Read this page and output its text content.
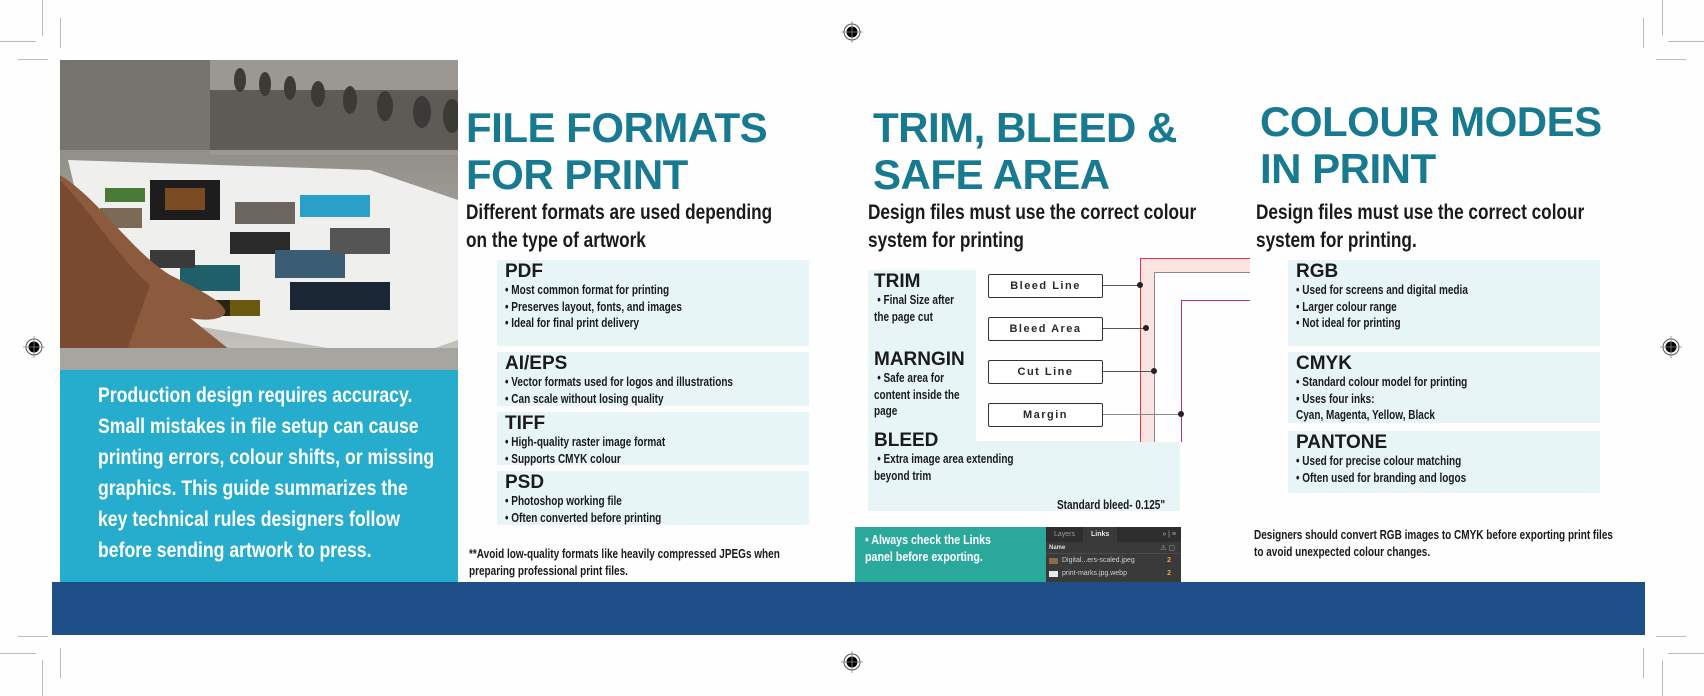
Production design requires accuracy.
Small mistakes in file setup can cause
printing errors, colour shifts, or missing
graphics. This guide summarizes the
key technical rules designers follow
before sending artwork to press.
FILE FORMATS
FOR PRINT
Different formats are used depending
on the type of artwork
PDF
• Most common format for printing
• Preserves layout, fonts, and images
• Ideal for final print delivery
AI/EPS
• Vector formats used for logos and illustrations
• Can scale without losing quality
TIFF
• High-quality raster image format
• Supports CMYK colour
PSD
• Photoshop working file
• Often converted before printing
**Avoid low-quality formats like heavily compressed JPEGs when
preparing professional print files.
TRIM, BLEED &
SAFE AREA
Design files must use the correct colour
system for printing
TRIM
• Final Size after
the page cut
MARNGIN
• Safe area for
content inside the
page
BLEED
• Extra image area extending
beyond trim
Standard bleed- 0.125"
Bleed Line
Bleed Area
Cut Line
Margin
• Always check the Links
panel before exporting.
Layers	Links	» | ≡
Name	⚠ ▢
Digital...ers-scaled.jpeg	2
print-marks.jpg.webp	2
COLOUR MODES
IN PRINT
Design files must use the correct colour
system for printing.
RGB
• Used for screens and digital media
• Larger colour range
• Not ideal for printing
CMYK
• Standard colour model for printing
• Uses four inks:
Cyan, Magenta, Yellow, Black
PANTONE
• Used for precise colour matching
• Often used for branding and logos
Designers should convert RGB images to CMYK before exporting print files
to avoid unexpected colour changes.
